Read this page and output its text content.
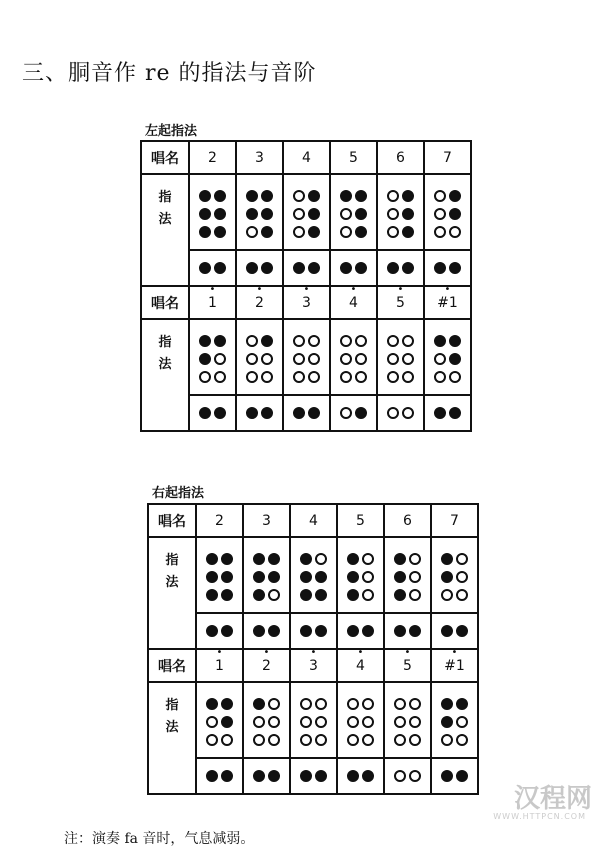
三、胴音作 re 的指法与音阶
左起指法
唱名	2	3	4	5	6	7
指
法	

唱名	• 1	• 2	• 3	• 4	• 5	• #1
指
法	

右起指法
唱名	2	3	4	5	6	7
指
法	

唱名	• 1	• 2	• 3	• 4	• 5	• #1
指
法	

注：演奏 fa 音时，气息减弱。
汉程网
WWW.HTTPCN.COM
